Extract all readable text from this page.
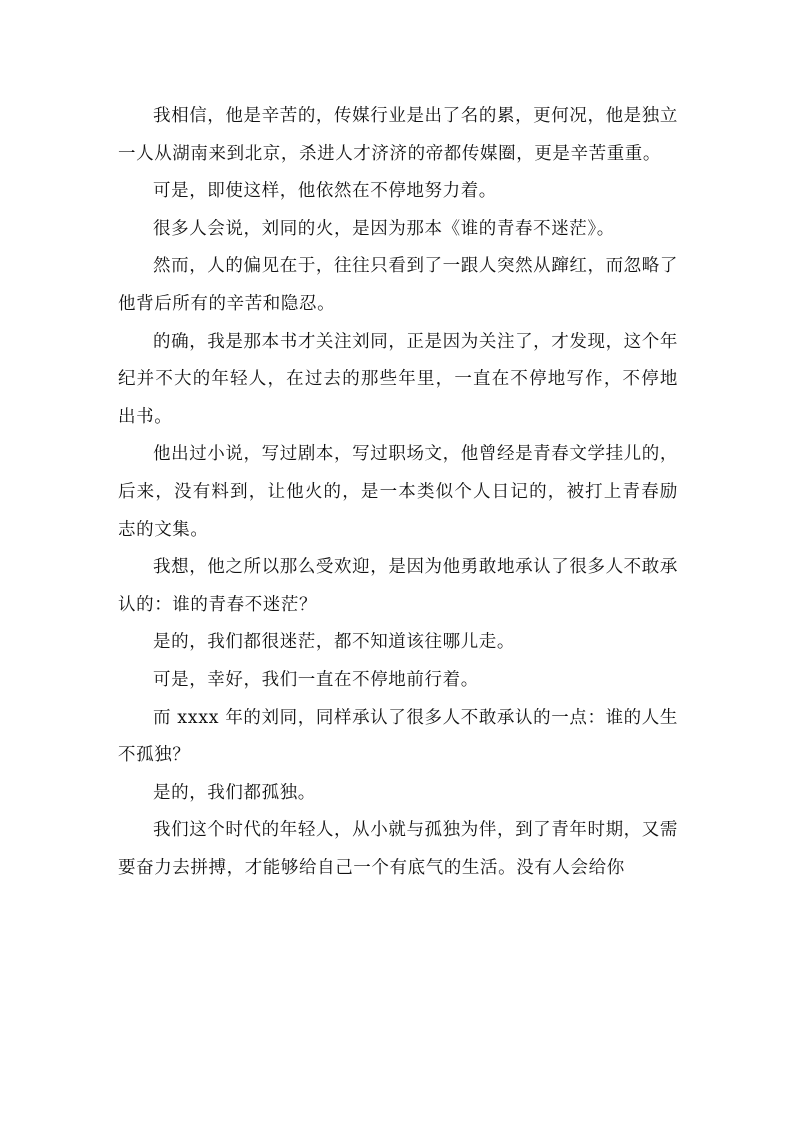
我相信，他是辛苦的，传媒行业是出了名的累，更何况，他是独立一人从湖南来到北京，杀进人才济济的帝都传媒圈，更是辛苦重重。

可是，即使这样，他依然在不停地努力着。

很多人会说，刘同的火，是因为那本《谁的青春不迷茫》。

然而，人的偏见在于，往往只看到了一跟人突然从蹿红，而忽略了他背后所有的辛苦和隐忍。

的确，我是那本书才关注刘同，正是因为关注了，才发现，这个年纪并不大的年轻人，在过去的那些年里，一直在不停地写作，不停地出书。

他出过小说，写过剧本，写过职场文，他曾经是青春文学挂儿的，后来，没有料到，让他火的，是一本类似个人日记的，被打上青春励志的文集。

我想，他之所以那么受欢迎，是因为他勇敢地承认了很多人不敢承认的：谁的青春不迷茫？

是的，我们都很迷茫，都不知道该往哪儿走。

可是，幸好，我们一直在不停地前行着。

而 xxxx 年的刘同，同样承认了很多人不敢承认的一点：谁的人生不孤独？

是的，我们都孤独。

我们这个时代的年轻人，从小就与孤独为伴，到了青年时期，又需要奋力去拼搏，才能够给自己一个有底气的生活。没有人会给你
